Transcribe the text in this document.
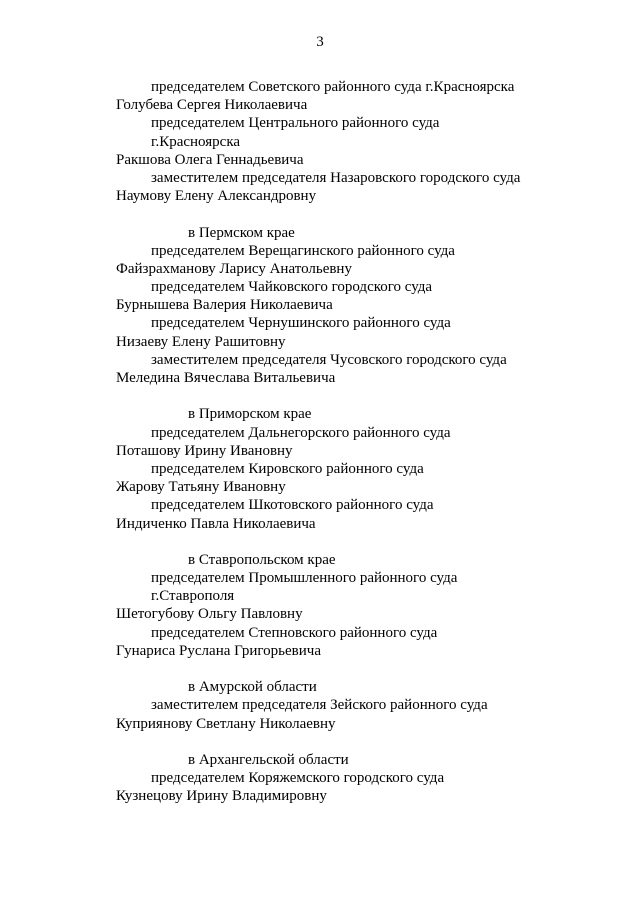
3
председателем Советского районного суда г.Красноярска
Голубева Сергея Николаевича
председателем Центрального районного суда
г.Красноярска
Ракшова Олега Геннадьевича
заместителем председателя Назаровского городского суда
Наумову Елену Александровну
в Пермском крае
председателем Верещагинского районного суда
Файзрахманову Ларису Анатольевну
председателем Чайковского городского суда
Бурнышева Валерия Николаевича
председателем Чернушинского районного суда
Низаеву Елену Рашитовну
заместителем председателя Чусовского городского суда
Меледина Вячеслава Витальевича
в Приморском крае
председателем Дальнегорского районного суда
Поташову Ирину Ивановну
председателем Кировского районного суда
Жарову Татьяну Ивановну
председателем Шкотовского районного суда
Индиченко Павла Николаевича
в Ставропольском крае
председателем Промышленного районного суда
г.Ставрополя
Шетогубову Ольгу Павловну
председателем Степновского районного суда
Гунариса Руслана Григорьевича
в Амурской области
заместителем председателя Зейского районного суда
Куприянову Светлану Николаевну
в Архангельской области
председателем Коряжемского городского суда
Кузнецову Ирину Владимировну
